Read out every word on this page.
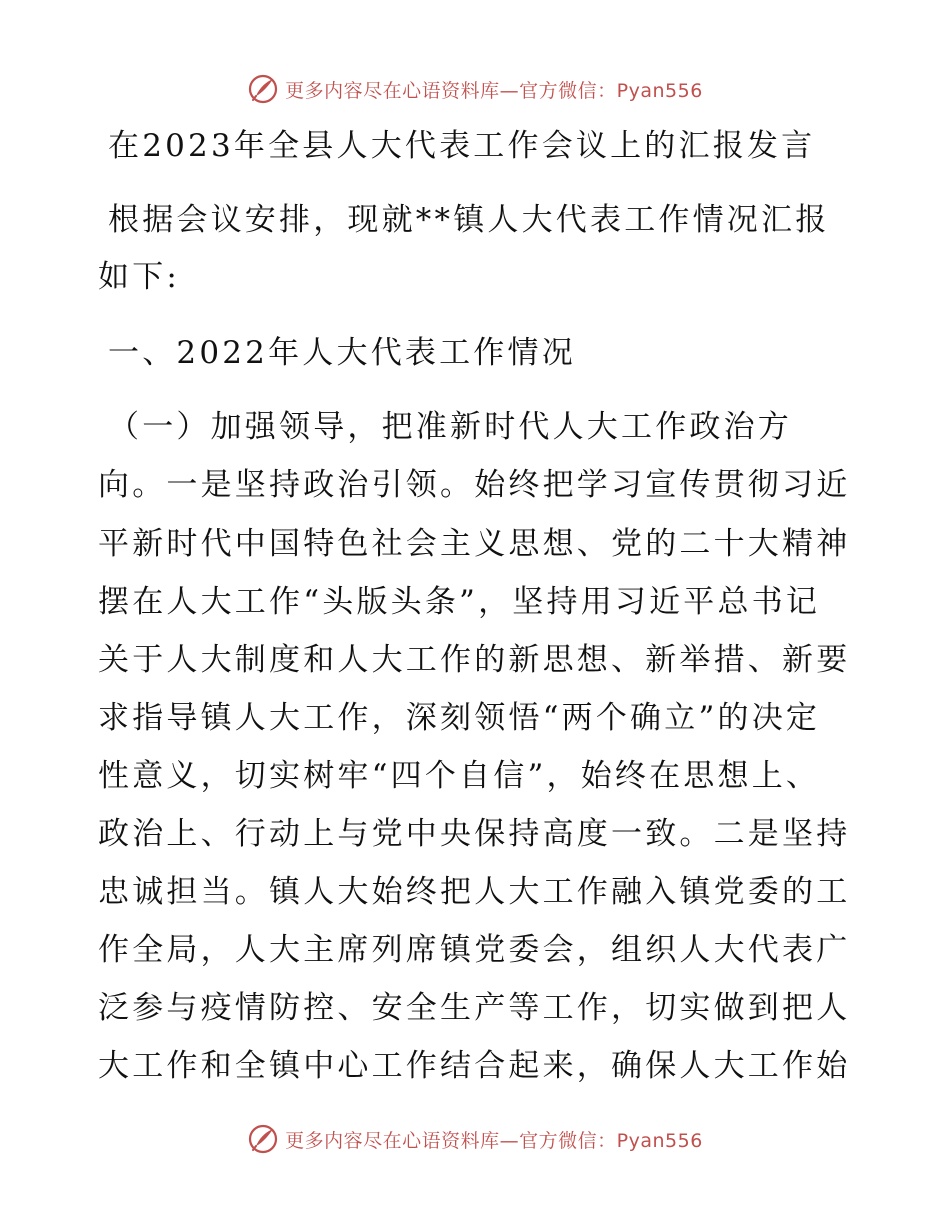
更多内容尽在心语资料库—官方微信：Pyan556
在2023年全县人大代表工作会议上的汇报发言
根据会议安排，现就**镇人大代表工作情况汇报
如下:
一、2022年人大代表工作情况
（一）加强领导，把准新时代人大工作政治方
向。一是坚持政治引领。始终把学习宣传贯彻习近
平新时代中国特色社会主义思想、党的二十大精神
摆在人大工作“头版头条”，坚持用习近平总书记
关于人大制度和人大工作的新思想、新举措、新要
求指导镇人大工作，深刻领悟“两个确立”的决定
性意义，切实树牢“四个自信”，始终在思想上、
政治上、行动上与党中央保持高度一致。二是坚持
忠诚担当。镇人大始终把人大工作融入镇党委的工
作全局，人大主席列席镇党委会，组织人大代表广
泛参与疫情防控、安全生产等工作，切实做到把人
大工作和全镇中心工作结合起来，确保人大工作始
更多内容尽在心语资料库—官方微信：Pyan556
